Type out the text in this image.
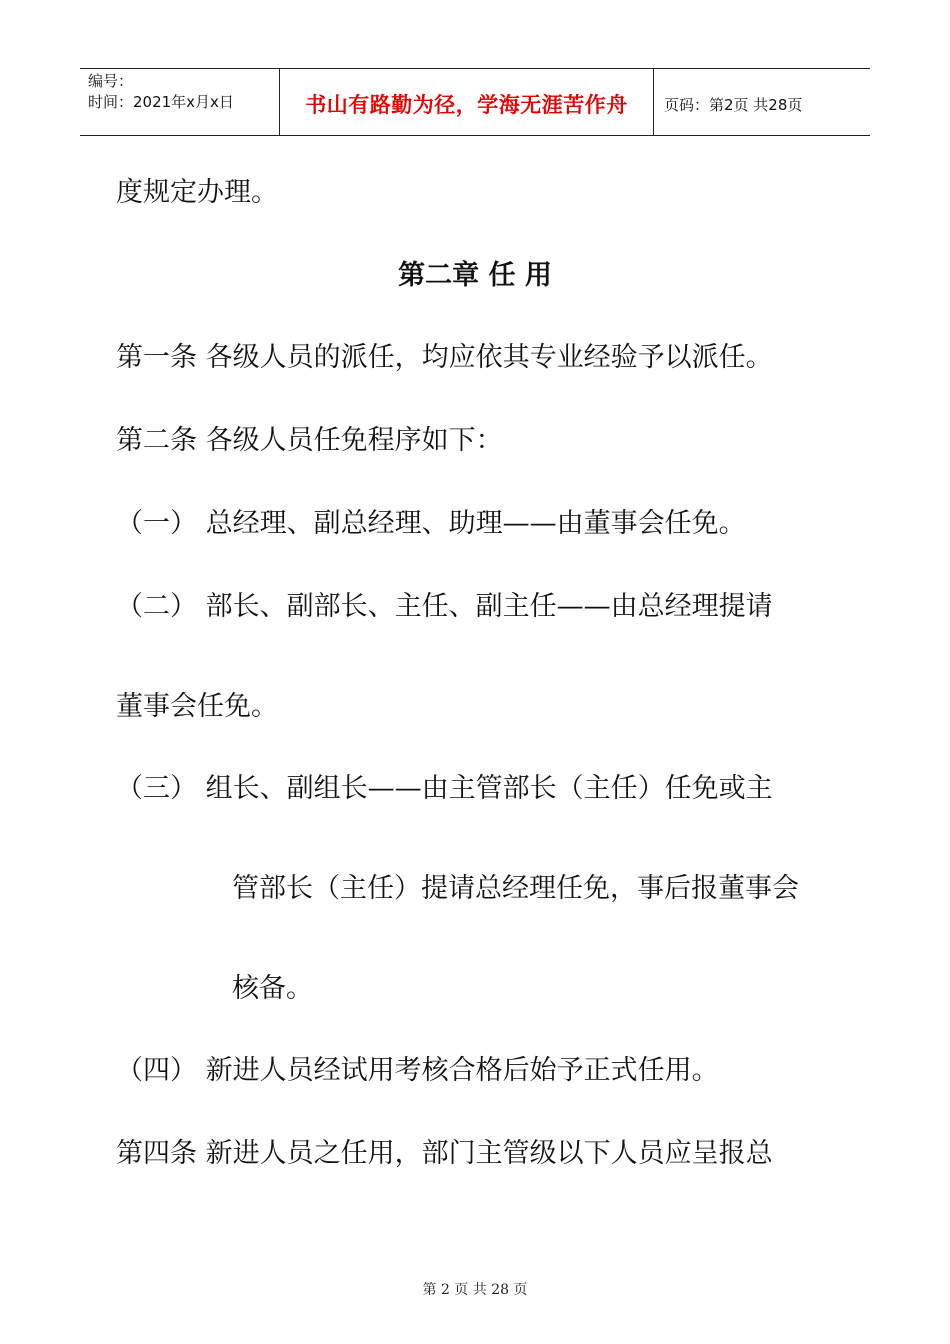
编号：
时间：2021年x月x日	书山有路勤为径，学海无涯苦作舟 页码：第2页 共28页
度规定办理。
第二章 任 用
第一条 各级人员的派任，均应依其专业经验予以派任。
第二条 各级人员任免程序如下：
（一） 总经理、副总经理、助理——由董事会任免。
（二） 部长、副部长、主任、副主任——由总经理提请
董事会任免。
（三） 组长、副组长——由主管部长（主任）任免或主
管部长（主任）提请总经理任免，事后报董事会
核备。
（四） 新进人员经试用考核合格后始予正式任用。
第四条 新进人员之任用，部门主管级以下人员应呈报总
第 2 页 共 28 页
